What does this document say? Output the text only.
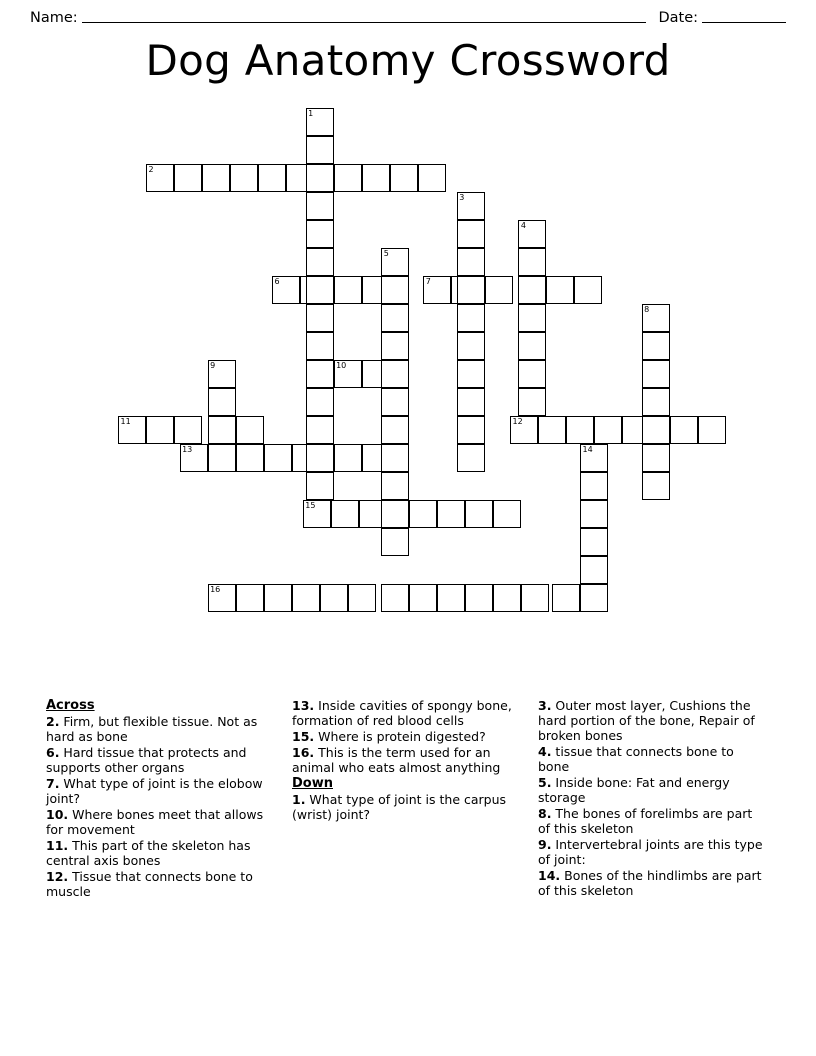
Name:	Date:
Dog Anatomy Crossword
1
2
3
4
5
6	7
8
9	10
11	12
13	14
15
16
Across
2. Firm, but flexible tissue. Not as hard as bone
6. Hard tissue that protects and supports other organs
7. What type of joint is the elobow joint?
10. Where bones meet that allows for movement
11. This part of the skeleton has central axis bones
12. Tissue that connects bone to muscle
13. Inside cavities of spongy bone, formation of red blood cells
15. Where is protein digested?
16. This is the term used for an animal who eats almost anything
Down
1. What type of joint is the carpus (wrist) joint?
3. Outer most layer, Cushions the hard portion of the bone, Repair of broken bones
4. tissue that connects bone to bone
5. Inside bone: Fat and energy storage
8. The bones of forelimbs are part of this skeleton
9. Intervertebral joints are this type of joint:
14. Bones of the hindlimbs are part of this skeleton
